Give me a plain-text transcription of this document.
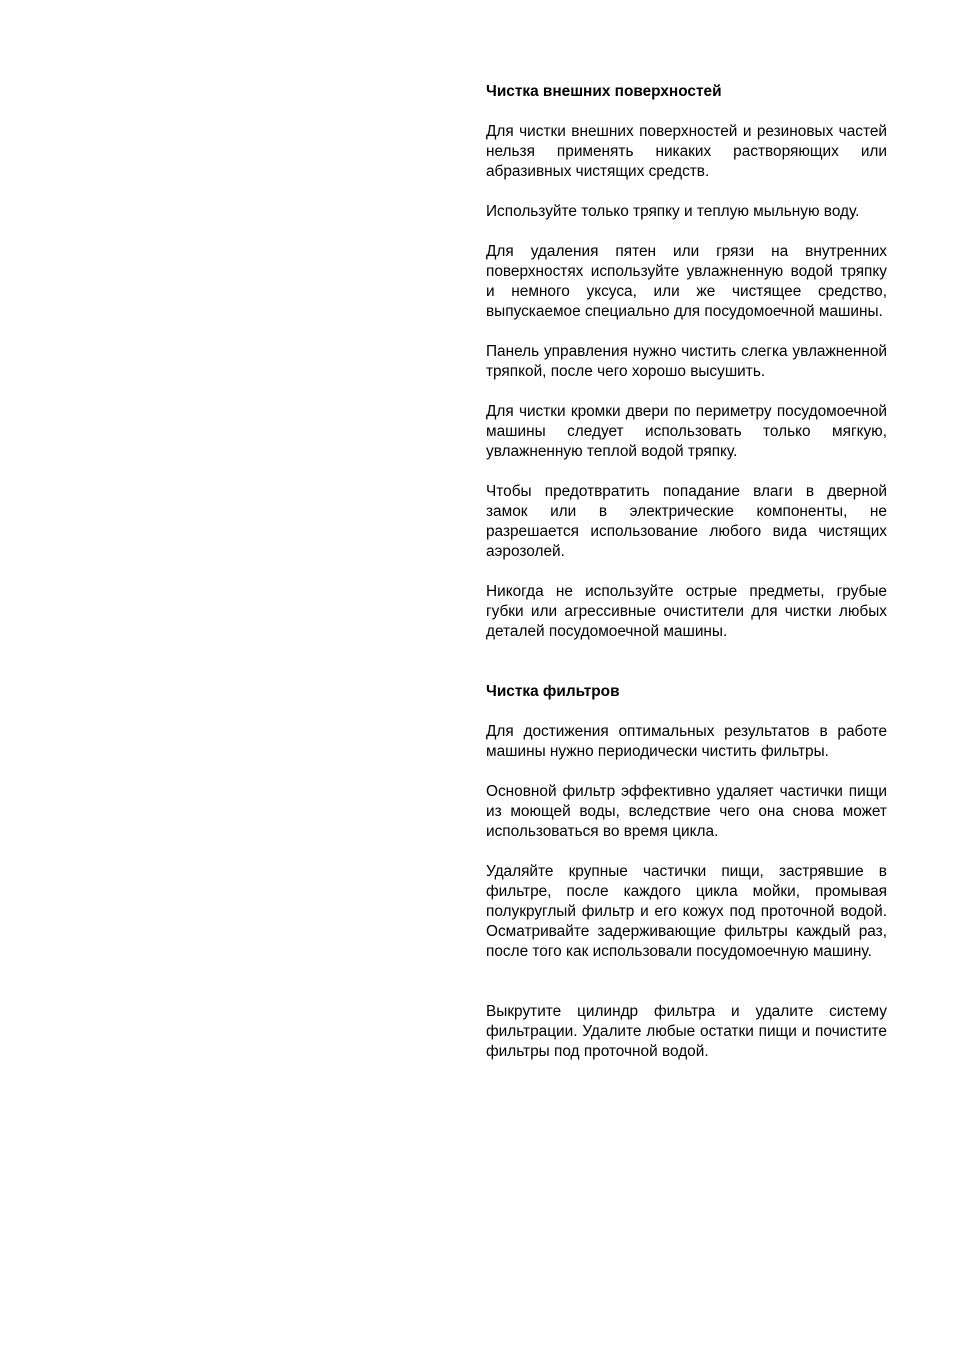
Чистка внешних поверхностей

Для чистки внешних поверхностей и резиновых частей нельзя применять никаких растворяющих или абразивных чистящих средств.

Используйте только тряпку и теплую мыльную воду.

Для удаления пятен или грязи на внутренних поверхностях используйте увлажненную водой тряпку и немного уксуса, или же чистящее средство, выпускаемое специально для посудомоечной машины.

Панель управления нужно чистить слегка увлажненной тряпкой, после чего хорошо высушить.

Для чистки кромки двери по периметру посудомоечной машины следует использовать только мягкую, увлажненную теплой водой тряпку.

Чтобы предотвратить попадание влаги в дверной замок или в электрические компоненты, не разрешается использование любого вида чистящих аэрозолей.

Никогда не используйте острые предметы, грубые губки или агрессивные очистители для чистки любых деталей посудомоечной машины.

Чистка фильтров

Для достижения оптимальных результатов в работе машины нужно периодически чистить фильтры.

Основной фильтр эффективно удаляет частички пищи из моющей воды, вследствие чего она снова может использоваться во время цикла.

Удаляйте крупные частички пищи, застрявшие в фильтре, после каждого цикла мойки, промывая полукруглый фильтр и его кожух под проточной водой. Осматривайте задерживающие фильтры каждый раз, после того как использовали посудомоечную машину.

Выкрутите цилиндр фильтра и удалите систему фильтрации. Удалите любые остатки пищи и почистите фильтры под проточной водой.
